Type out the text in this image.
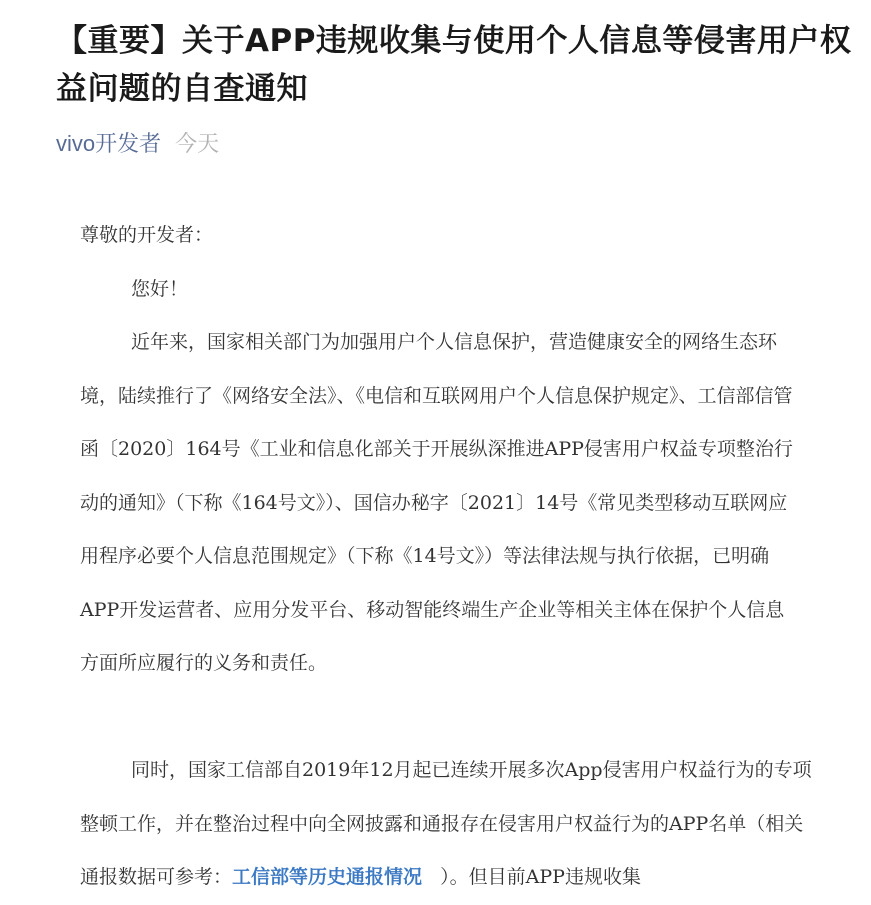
【重要】关于APP违规收集与使用个人信息等侵害用户权益问题的自查通知
vivo开发者 今天

尊敬的开发者：

您好！

近年来，国家相关部门为加强用户个人信息保护，营造健康安全的网络生态环境，陆续推行了《网络安全法》、《电信和互联网用户个人信息保护规定》、工信部信管函〔2020〕164号《工业和信息化部关于开展纵深推进APP侵害用户权益专项整治行动的通知》（下称《164号文》）、国信办秘字〔2021〕14号《常见类型移动互联网应用程序必要个人信息范围规定》（下称《14号文》）等法律法规与执行依据，已明确APP开发运营者、应用分发平台、移动智能终端生产企业等相关主体在保护个人信息方面所应履行的义务和责任。

同时，国家工信部自2019年12月起已连续开展多次App侵害用户权益行为的专项整顿工作，并在整治过程中向全网披露和通报存在侵害用户权益行为的APP名单（相关通报数据可参考：工信部等历史通报情况   ）。但目前APP违规收集
